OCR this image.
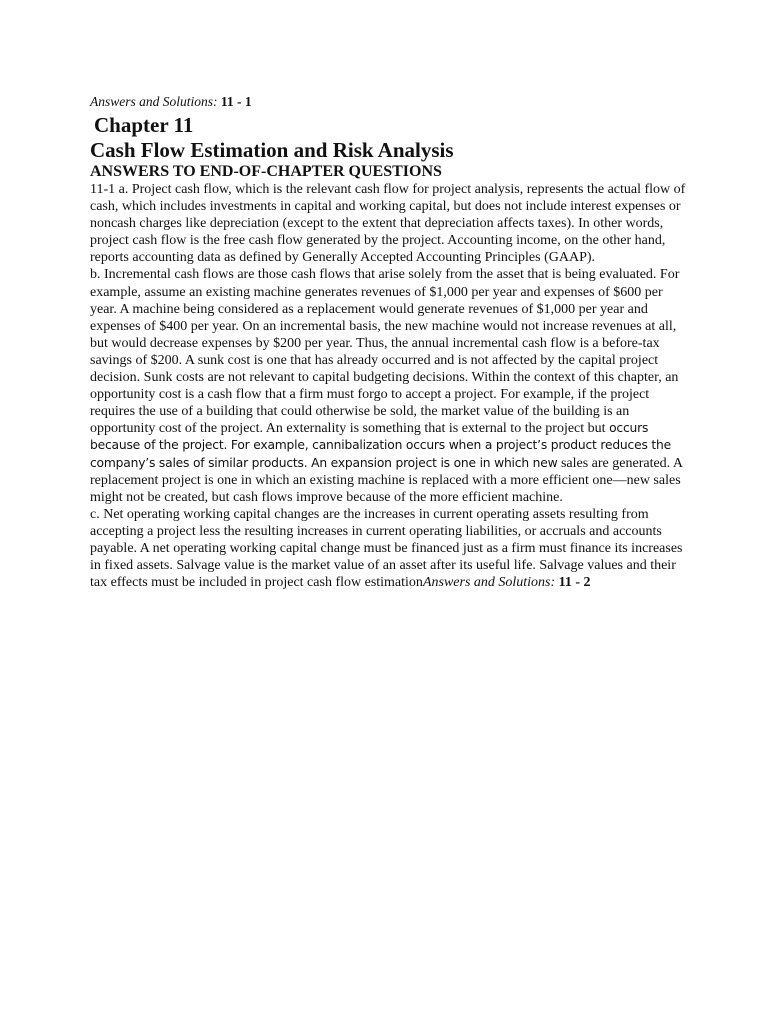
Answers and Solutions: 11 - 1

Chapter 11
Cash Flow Estimation and Risk Analysis
ANSWERS TO END-OF-CHAPTER QUESTIONS

11-1 a. Project cash flow, which is the relevant cash flow for project analysis, represents the actual flow of cash, which includes investments in capital and working capital, but does not include interest expenses or noncash charges like depreciation (except to the extent that depreciation affects taxes). In other words, project cash flow is the free cash flow generated by the project. Accounting income, on the other hand, reports accounting data as defined by Generally Accepted Accounting Principles (GAAP).

b. Incremental cash flows are those cash flows that arise solely from the asset that is being evaluated. For example, assume an existing machine generates revenues of $1,000 per year and expenses of $600 per year. A machine being considered as a replacement would generate revenues of $1,000 per year and expenses of $400 per year. On an incremental basis, the new machine would not increase revenues at all, but would decrease expenses by $200 per year. Thus, the annual incremental cash flow is a before-tax savings of $200. A sunk cost is one that has already occurred and is not affected by the capital project decision. Sunk costs are not relevant to capital budgeting decisions. Within the context of this chapter, an opportunity cost is a cash flow that a firm must forgo to accept a project. For example, if the project requires the use of a building that could otherwise be sold, the market value of the building is an opportunity cost of the project. An externality is something that is external to the project but occurs because of the project. For example, cannibalization occurs when a project’s product reduces the company’s sales of similar products. An expansion project is one in which new sales are generated. A replacement project is one in which an existing machine is replaced with a more efficient one—new sales might not be created, but cash flows improve because of the more efficient machine.

c. Net operating working capital changes are the increases in current operating assets resulting from accepting a project less the resulting increases in current operating liabilities, or accruals and accounts payable. A net operating working capital change must be financed just as a firm must finance its increases in fixed assets. Salvage value is the market value of an asset after its useful life. Salvage values and their tax effects must be included in project cash flow estimationAnswers and Solutions: 11 - 2
